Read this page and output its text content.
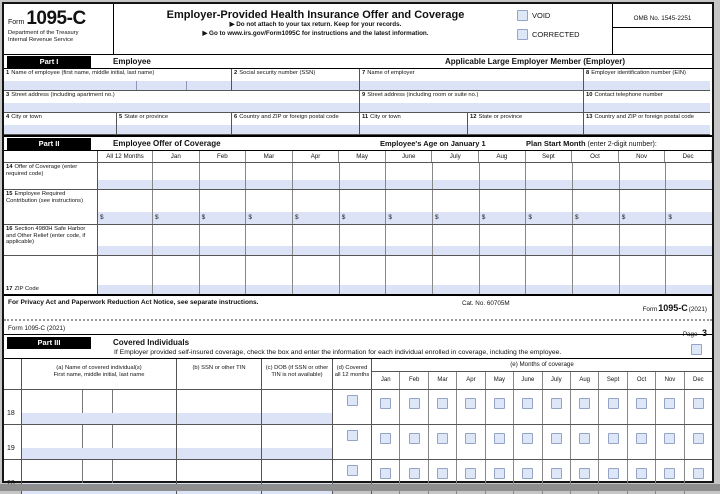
Form 1095-C
Department of the Treasury
Internal Revenue Service
Employer-Provided Health Insurance Offer and Coverage
▶ Do not attach to your tax return. Keep for your records.
▶ Go to www.irs.gov/Form1095C for instructions and the latest information.
VOID
CORRECTED
OMB No. 1545-2251
Part I	Employee	Applicable Large Employer Member (Employer)
1 Name of employee (first name, middle initial, last name)	2 Social security number (SSN)
3 Street address (including apartment no.)
4 City or town	5 State or province	6 Country and ZIP or foreign postal code
7 Name of employer	8 Employer identification number (EIN)
9 Street address (including room or suite no.)	10 Contact telephone number
11 City or town	12 State or province	13 Country and ZIP or foreign postal code
Part II	Employee Offer of Coverage	Employee's Age on January 1	Plan Start Month (enter 2-digit number):
All 12 Months	Jan	Feb	Mar	Apr	May	June	July	Aug	Sept	Oct	Nov	Dec
14 Offer of Coverage (enter required code)
15 Employee Required Contribution (see instructions)
$	$	$	$	$	$	$	$	$	$	$	$	$
16 Section 4980H Safe Harbor and Other Relief (enter code, if applicable)
17 ZIP Code
For Privacy Act and Paperwork Reduction Act Notice, see separate instructions.	Cat. No. 60705M
Form1095-C(2021)
Form 1095-C (2021)
Page 3
Part III	Covered Individuals
If Employer provided self-insured coverage, check the box and enter the information for each individual enrolled in coverage, including the employee.
(a) Name of covered individual(s)
First name, middle initial, last name
(b) SSN or other TIN	(c) DOB (if SSN or other TIN is not available)
(d) Covered all 12 months
(e) Months of coverage
Jan	Feb	Mar	Apr	May	June	July	Aug	Sept	Oct	Nov	Dec
18
19
